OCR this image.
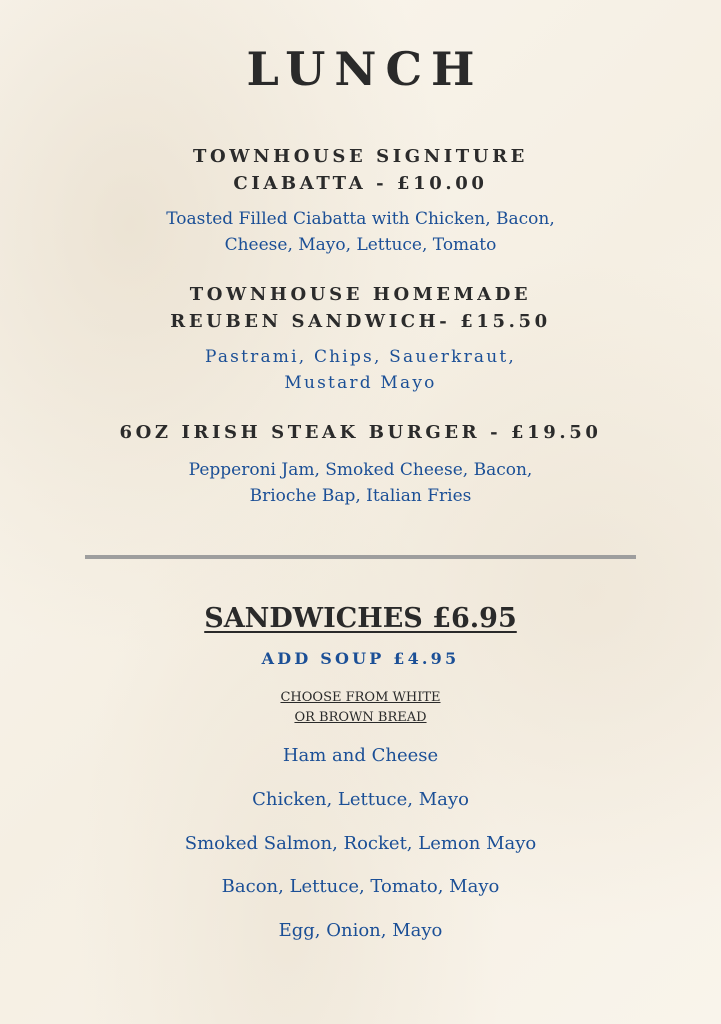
LUNCH
TOWNHOUSE SIGNITURE
CIABATTA - £10.00
Toasted Filled Ciabatta with Chicken, Bacon,
Cheese, Mayo, Lettuce, Tomato
TOWNHOUSE HOMEMADE
REUBEN SANDWICH- £15.50
Pastrami, Chips, Sauerkraut,
Mustard Mayo
6OZ IRISH STEAK BURGER - £19.50
Pepperoni Jam, Smoked Cheese, Bacon,
Brioche Bap, Italian Fries
SANDWICHES £6.95
ADD SOUP £4.95
CHOOSE FROM WHITE
OR BROWN BREAD
Ham and Cheese
Chicken, Lettuce, Mayo
Smoked Salmon, Rocket, Lemon Mayo
Bacon, Lettuce, Tomato, Mayo
Egg, Onion, Mayo
